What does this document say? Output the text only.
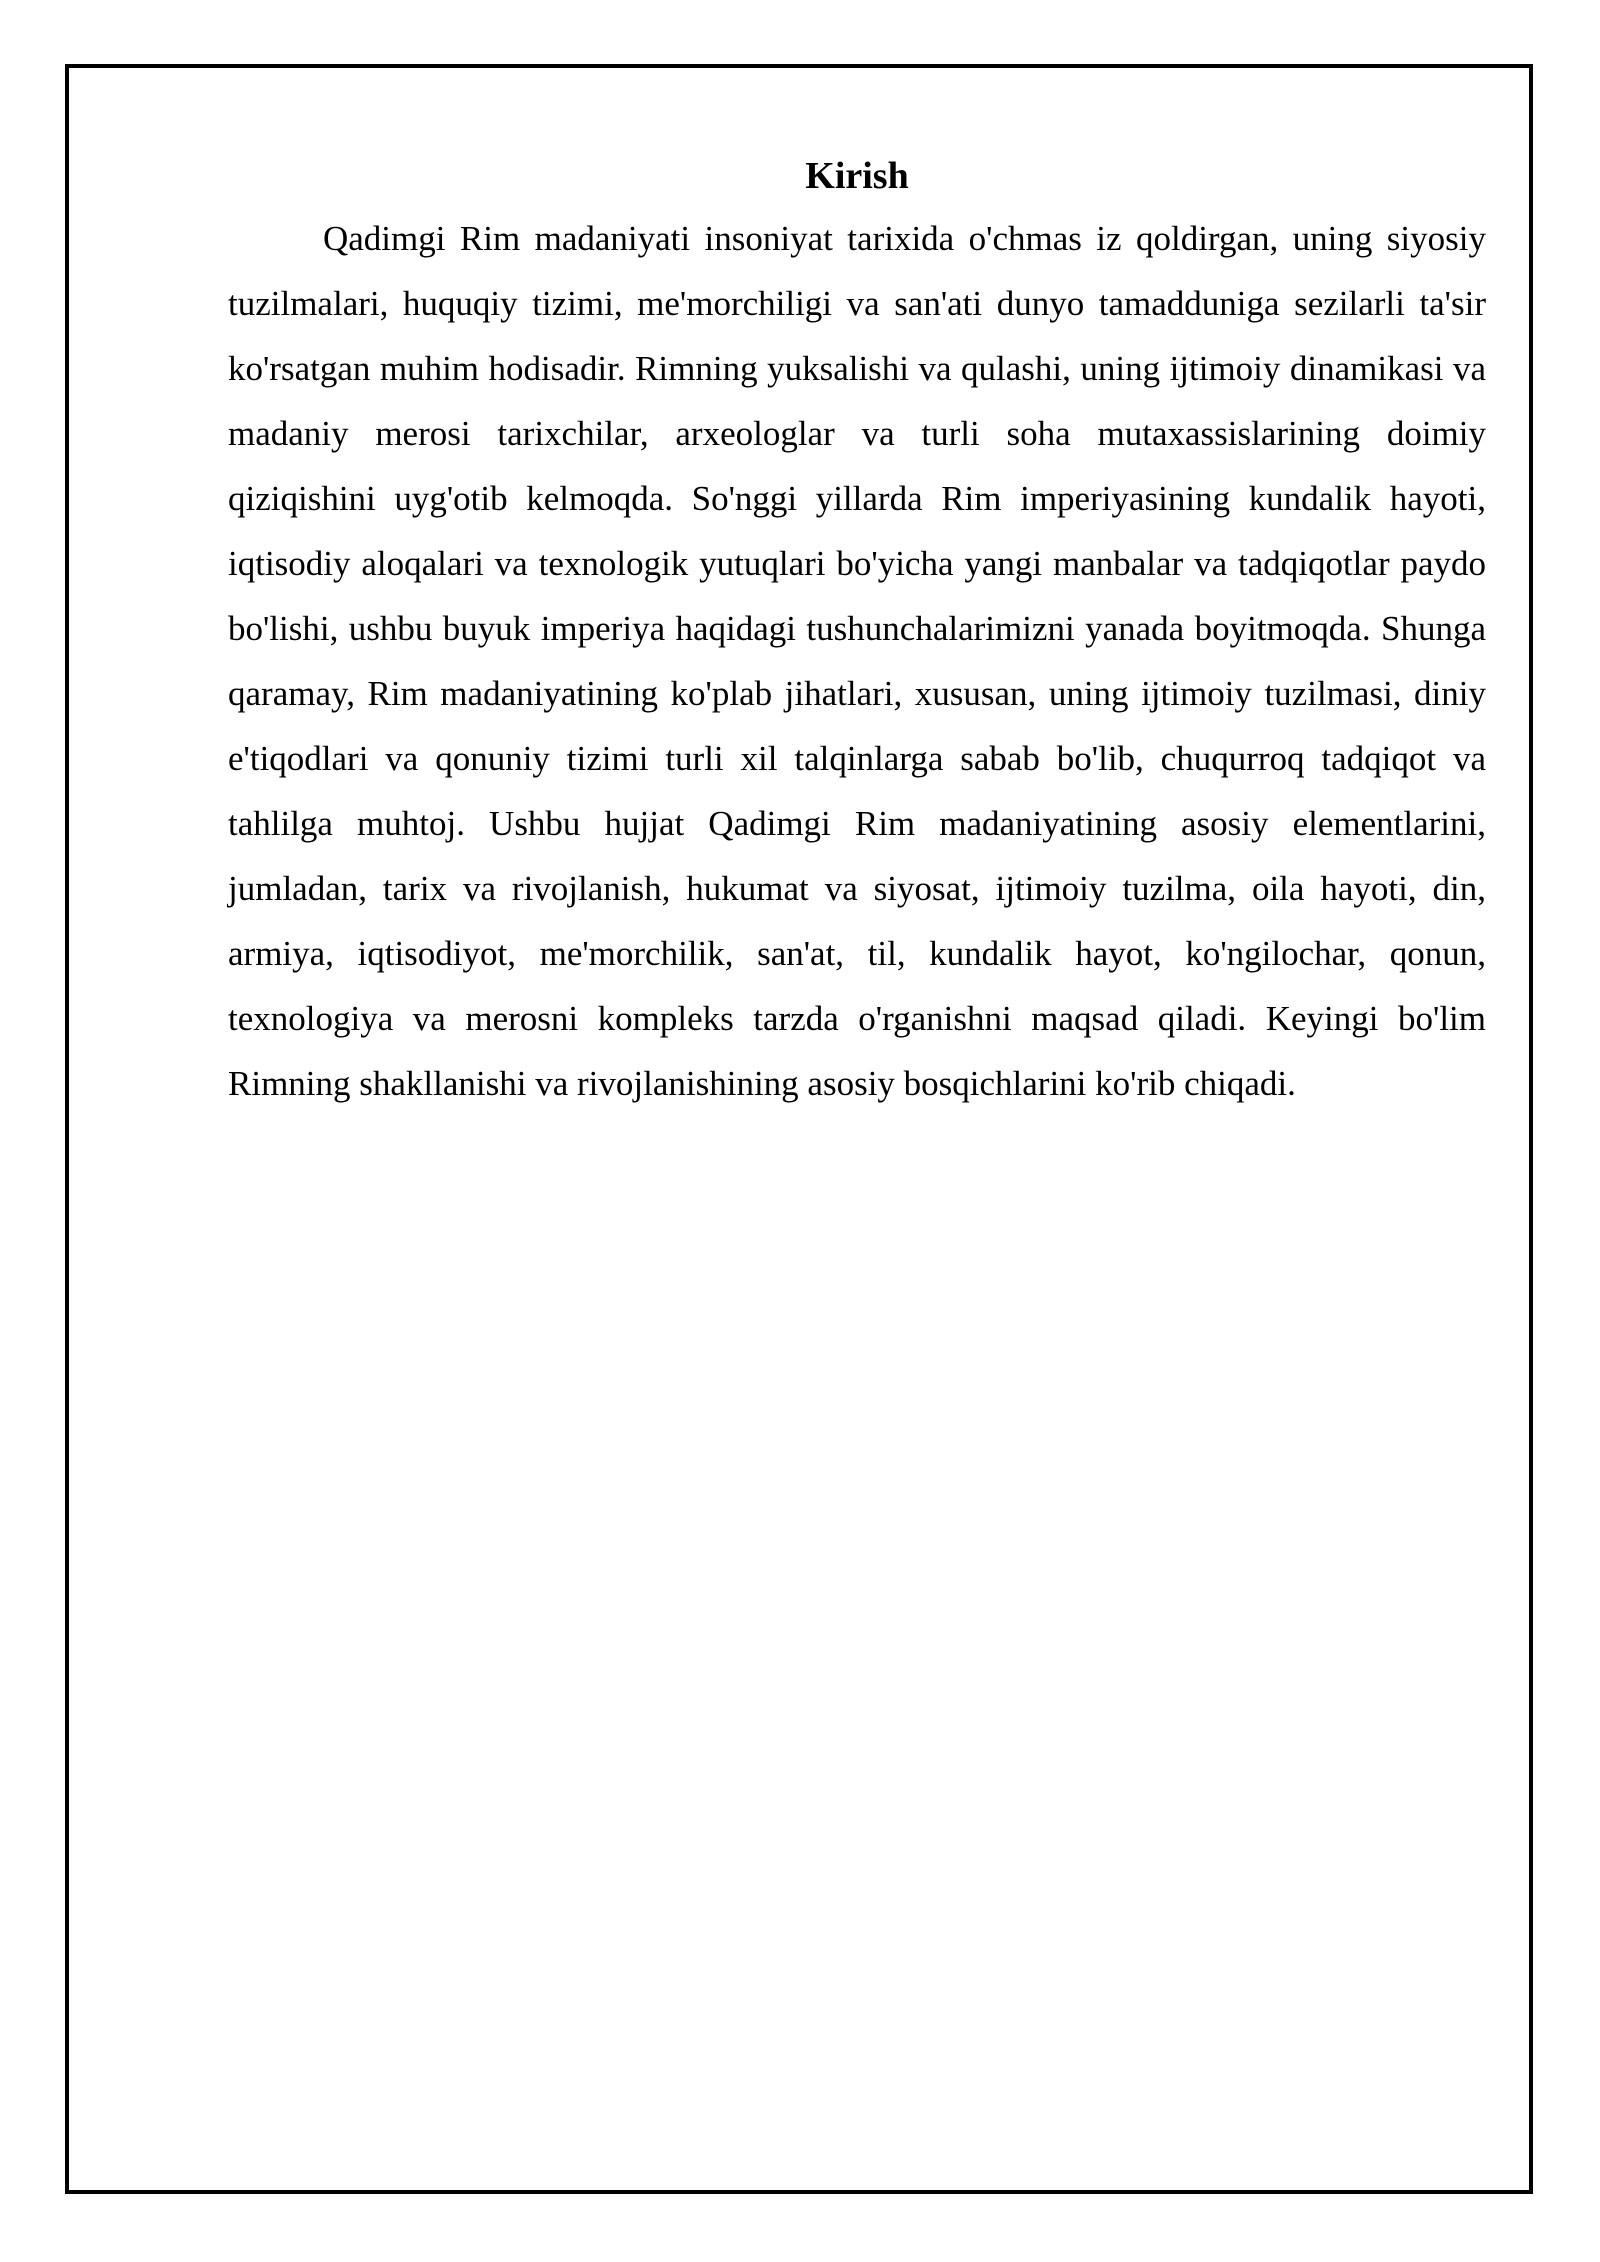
Kirish

Qadimgi Rim madaniyati insoniyat tarixida o'chmas iz qoldirgan, uning siyosiy tuzilmalari, huquqiy tizimi, me'morchiligi va san'ati dunyo tamadduniga sezilarli ta'sir ko'rsatgan muhim hodisadir. Rimning yuksalishi va qulashi, uning ijtimoiy dinamikasi va madaniy merosi tarixchilar, arxeologlar va turli soha mutaxassislarining doimiy qiziqishini uyg'otib kelmoqda. So'nggi yillarda Rim imperiyasining kundalik hayoti, iqtisodiy aloqalari va texnologik yutuqlari bo'yicha yangi manbalar va tadqiqotlar paydo bo'lishi, ushbu buyuk imperiya haqidagi tushunchalarimizni yanada boyitmoqda. Shunga qaramay, Rim madaniyatining ko'plab jihatlari, xususan, uning ijtimoiy tuzilmasi, diniy e'tiqodlari va qonuniy tizimi turli xil talqinlarga sabab bo'lib, chuqurroq tadqiqot va tahlilga muhtoj. Ushbu hujjat Qadimgi Rim madaniyatining asosiy elementlarini, jumladan, tarix va rivojlanish, hukumat va siyosat, ijtimoiy tuzilma, oila hayoti, din, armiya, iqtisodiyot, me'morchilik, san'at, til, kundalik hayot, ko'ngilochar, qonun, texnologiya va merosni kompleks tarzda o'rganishni maqsad qiladi. Keyingi bo'lim Rimning shakllanishi va rivojlanishining asosiy bosqichlarini ko'rib chiqadi.
